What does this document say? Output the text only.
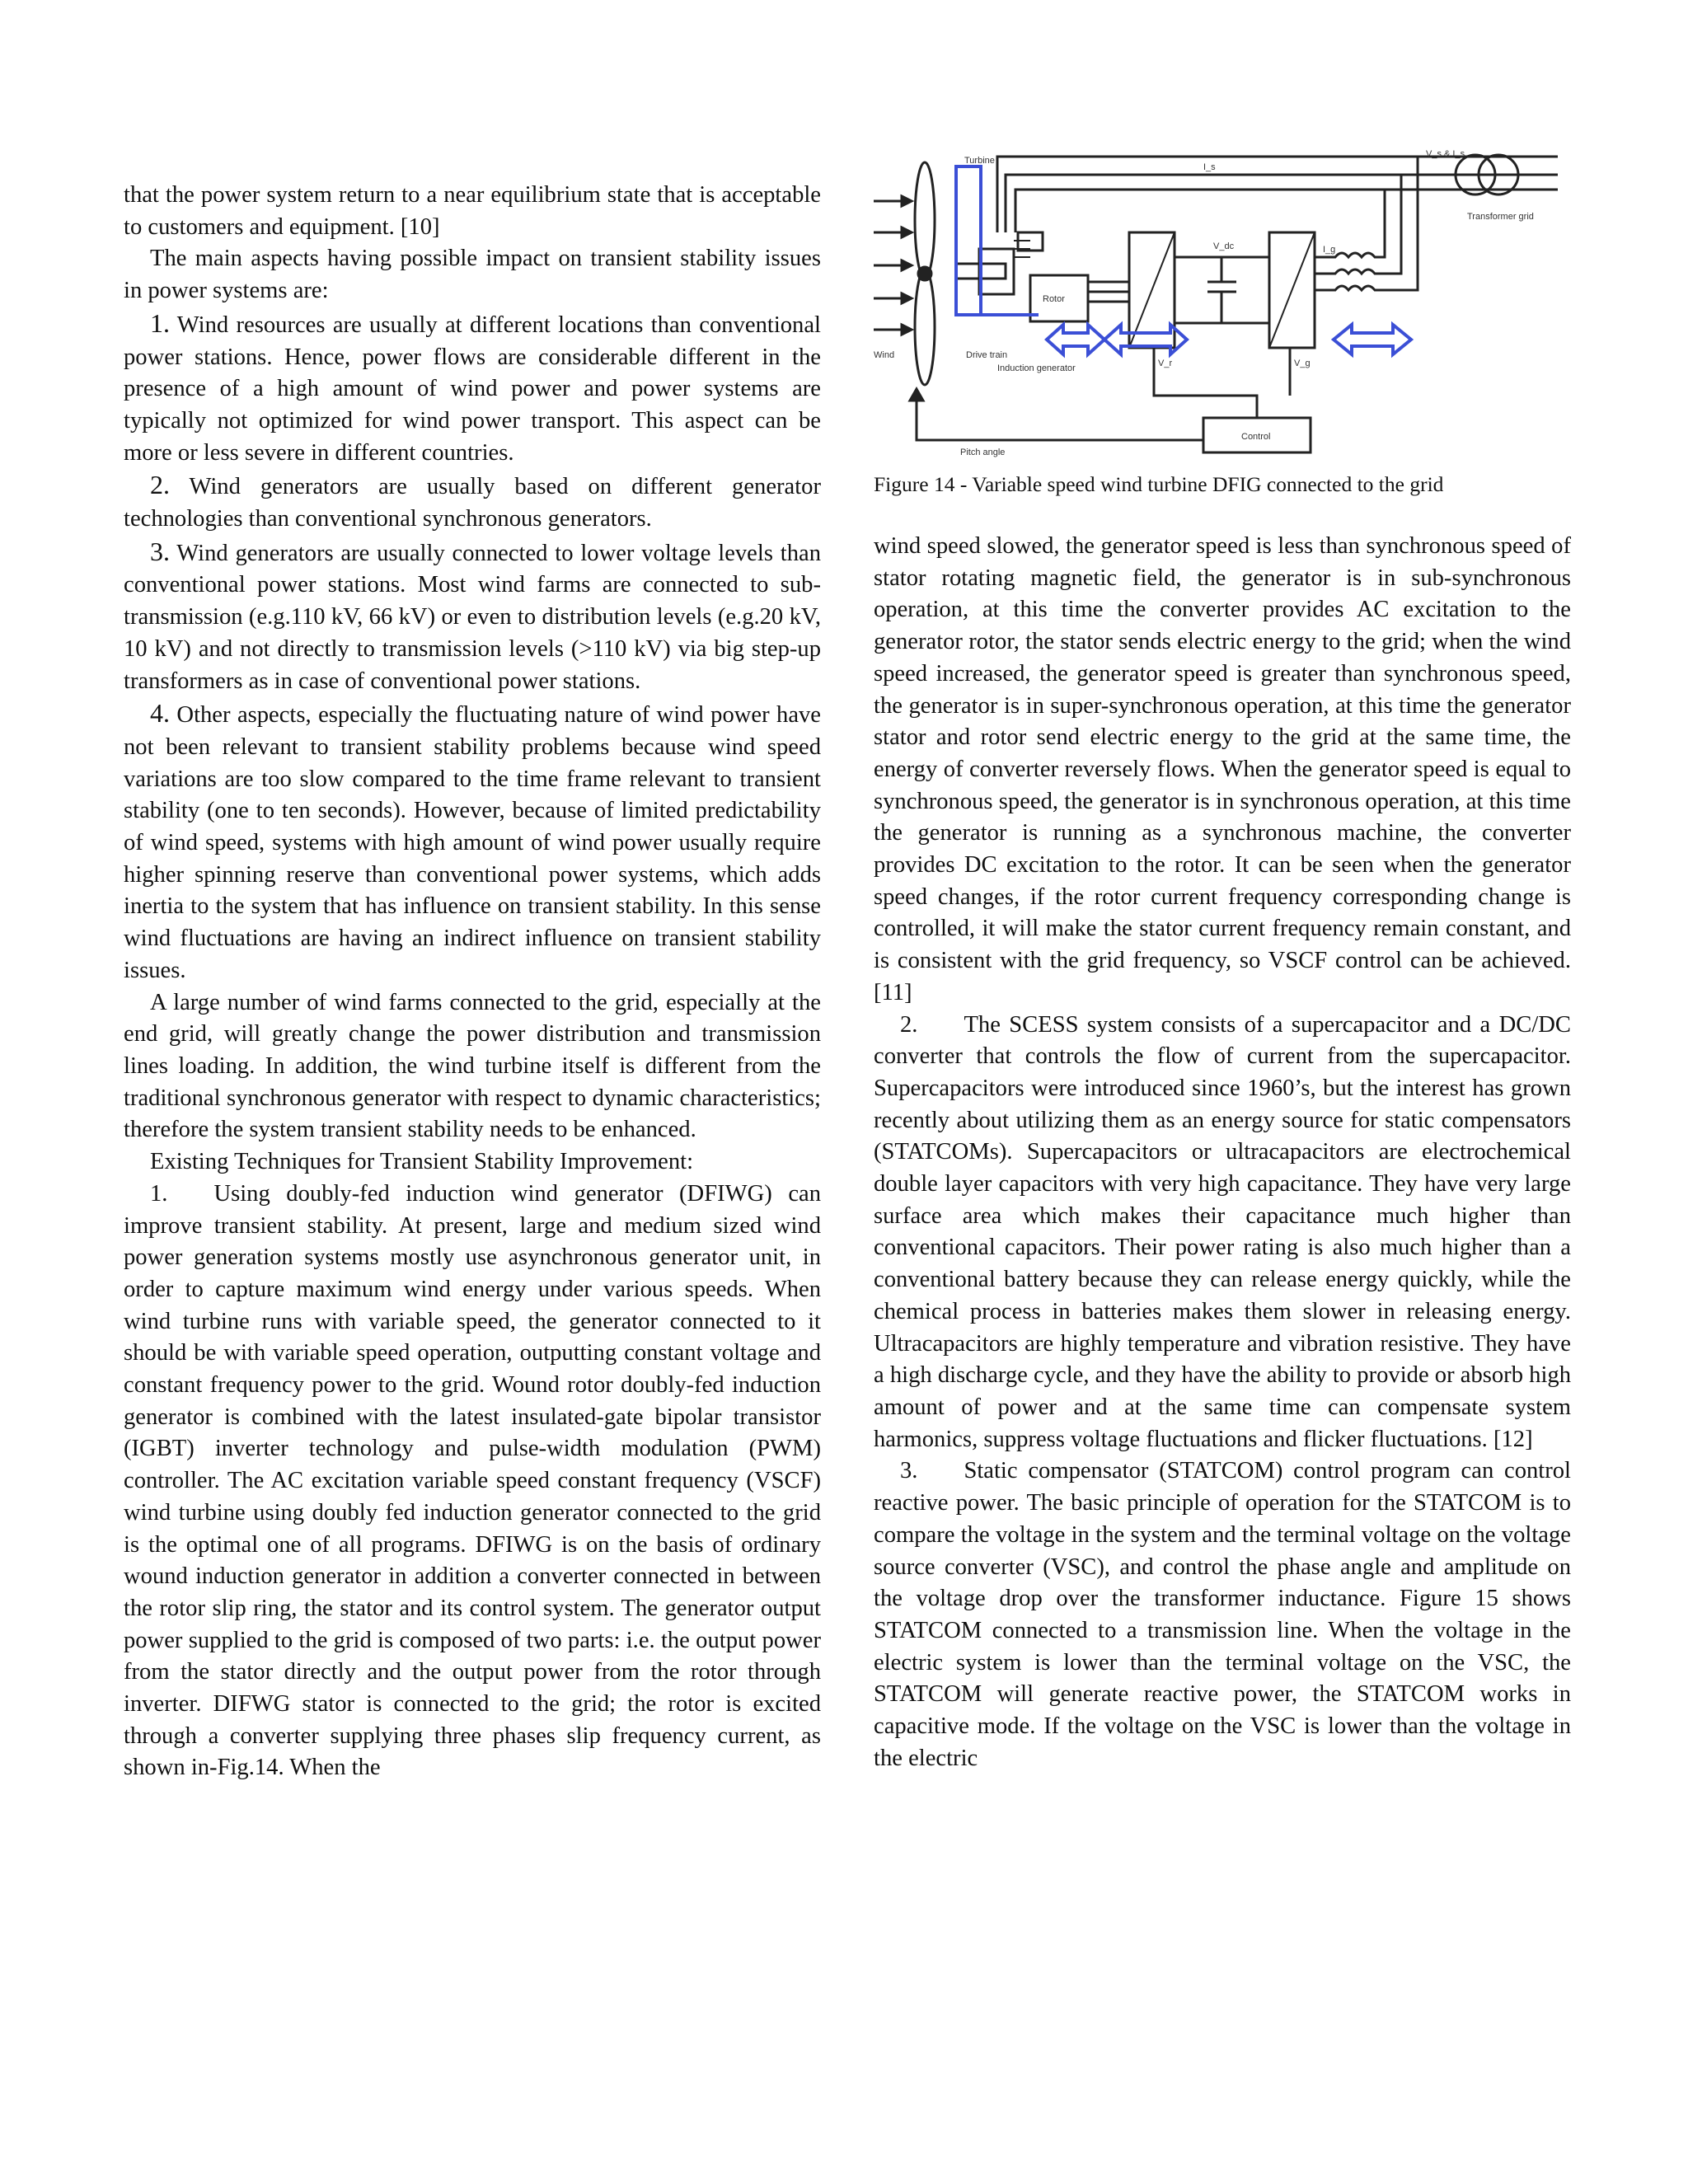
Turbine
Wind	Drive train
Induction generator
Rotor
Control
Pitch angle
Transformer grid
V_s & I_s
I_s
V_dc
V_r	V_g
I_g
Figure 14 - Variable speed wind turbine DFIG connected to the grid

that the power system return to a near equilibrium state that is acceptable to customers and equipment. [10]

The main aspects having possible impact on transient stability issues in power systems are:

1. Wind resources are usually at different locations than conventional power stations. Hence, power flows are considerable different in the presence of a high amount of wind power and power systems are typically not optimized for wind power transport. This aspect can be more or less severe in different countries.

2. Wind generators are usually based on different generator technologies than conventional synchronous generators.

3. Wind generators are usually connected to lower voltage levels than conventional power stations. Most wind farms are connected to sub-transmission (e.g.110 kV, 66 kV) or even to distribution levels (e.g.20 kV, 10 kV) and not directly to transmission levels (>110 kV) via big step-up transformers as in case of conventional power stations.

4. Other aspects, especially the fluctuating nature of wind power have not been relevant to transient stability problems because wind speed variations are too slow compared to the time frame relevant to transient stability (one to ten seconds). However, because of limited predictability of wind speed, systems with high amount of wind power usually require higher spinning reserve than conventional power systems, which adds inertia to the system that has influence on transient stability. In this sense wind fluctuations are having an indirect influence on transient stability issues.

A large number of wind farms connected to the grid, especially at the end grid, will greatly change the power distribution and transmission lines loading. In addition, the wind turbine itself is different from the traditional synchronous generator with respect to dynamic characteristics; therefore the system transient stability needs to be enhanced.

Existing Techniques for Transient Stability Improvement:

1. Using doubly-fed induction wind generator (DFIWG) can improve transient stability. At present, large and medium sized wind power generation systems mostly use asynchronous generator unit, in order to capture maximum wind energy under various speeds. When wind turbine runs with variable speed, the generator connected to it should be with variable speed operation, outputting constant voltage and constant frequency power to the grid. Wound rotor doubly-fed induction generator is combined with the latest insulated-gate bipolar transistor (IGBT) inverter technology and pulse-width modulation (PWM) controller. The AC excitation variable speed constant frequency (VSCF) wind turbine using doubly fed induction generator connected to the grid is the optimal one of all programs. DFIWG is on the basis of ordinary wound induction generator in addition a converter connected in between the rotor slip ring, the stator and its control system. The generator output power supplied to the grid is composed of two parts: i.e. the output power from the stator directly and the output power from the rotor through inverter. DIFWG stator is connected to the grid; the rotor is excited through a converter supplying three phases slip frequency current, as shown in-Fig.14. When the

wind speed slowed, the generator speed is less than synchronous speed of stator rotating magnetic field, the generator is in sub-synchronous operation, at this time the converter provides AC excitation to the generator rotor, the stator sends electric energy to the grid; when the wind speed increased, the generator speed is greater than synchronous speed, the generator is in super-synchronous operation, at this time the generator stator and rotor send electric energy to the grid at the same time, the energy of converter reversely flows. When the generator speed is equal to synchronous speed, the generator is in synchronous operation, at this time the generator is running as a synchronous machine, the converter provides DC excitation to the rotor. It can be seen when the generator speed changes, if the rotor current frequency corresponding change is controlled, it will make the stator current frequency remain constant, and is consistent with the grid frequency, so VSCF control can be achieved. [11]

2. The SCESS system consists of a supercapacitor and a DC/DC converter that controls the flow of current from the supercapacitor. Supercapacitors were introduced since 1960’s, but the interest has grown recently about utilizing them as an energy source for static compensators (STATCOMs). Supercapacitors or ultracapacitors are electrochemical double layer capacitors with very high capacitance. They have very large surface area which makes their capacitance much higher than conventional capacitors. Their power rating is also much higher than a conventional battery because they can release energy quickly, while the chemical process in batteries makes them slower in releasing energy. Ultracapacitors are highly temperature and vibration resistive. They have a high discharge cycle, and they have the ability to provide or absorb high amount of power and at the same time can compensate system harmonics, suppress voltage fluctuations and flicker fluctuations. [12]

3. Static compensator (STATCOM) control program can control reactive power. The basic principle of operation for the STATCOM is to compare the voltage in the system and the terminal voltage on the voltage source converter (VSC), and control the phase angle and amplitude on the voltage drop over the transformer inductance. Figure 15 shows STATCOM connected to a transmission line. When the voltage in the electric system is lower than the terminal voltage on the VSC, the STATCOM will generate reactive power, the STATCOM works in capacitive mode. If the voltage on the VSC is lower than the voltage in the electric
